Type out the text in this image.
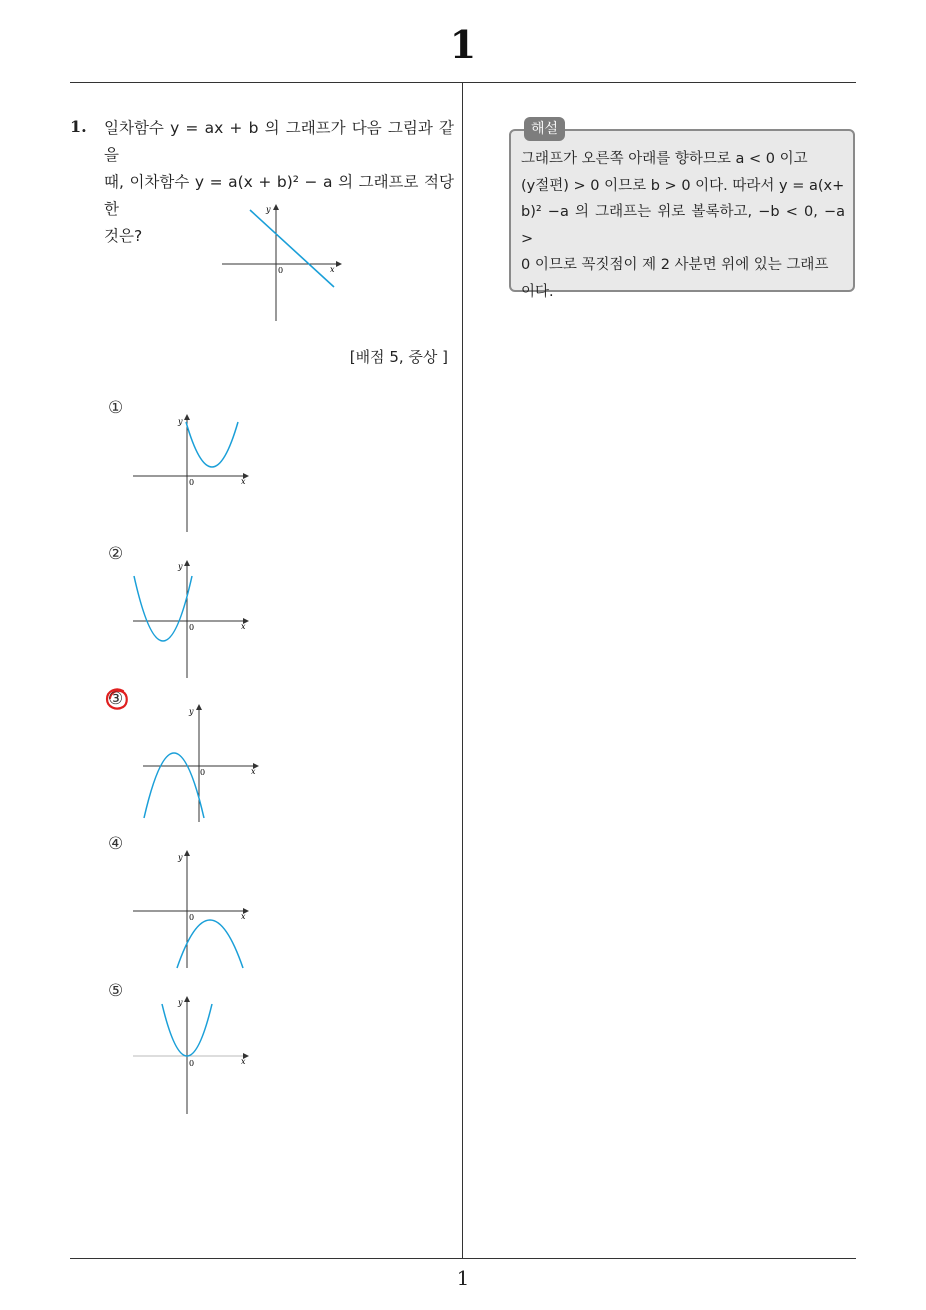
1
1
1. 일차함수 y = ax + b 의 그래프가 다음 그림과 같을
때, 이차함수 y = a(x + b)² − a 의 그래프로 적당한
것은?
y
x
0
[배점 5, 중상 ]
①
y
x
0
②
y
x
0
③
y
x
0
④
y
x
0
⑤
y
x
0
해설
그래프가 오른쪽 아래를 향하므로 a < 0 이고
(y절편) > 0 이므로 b > 0 이다. 따라서 y = a(x+
b)² −a 의 그래프는 위로 볼록하고, −b < 0, −a >
0 이므로 꼭짓점이 제 2 사분면 위에 있는 그래프
이다.
